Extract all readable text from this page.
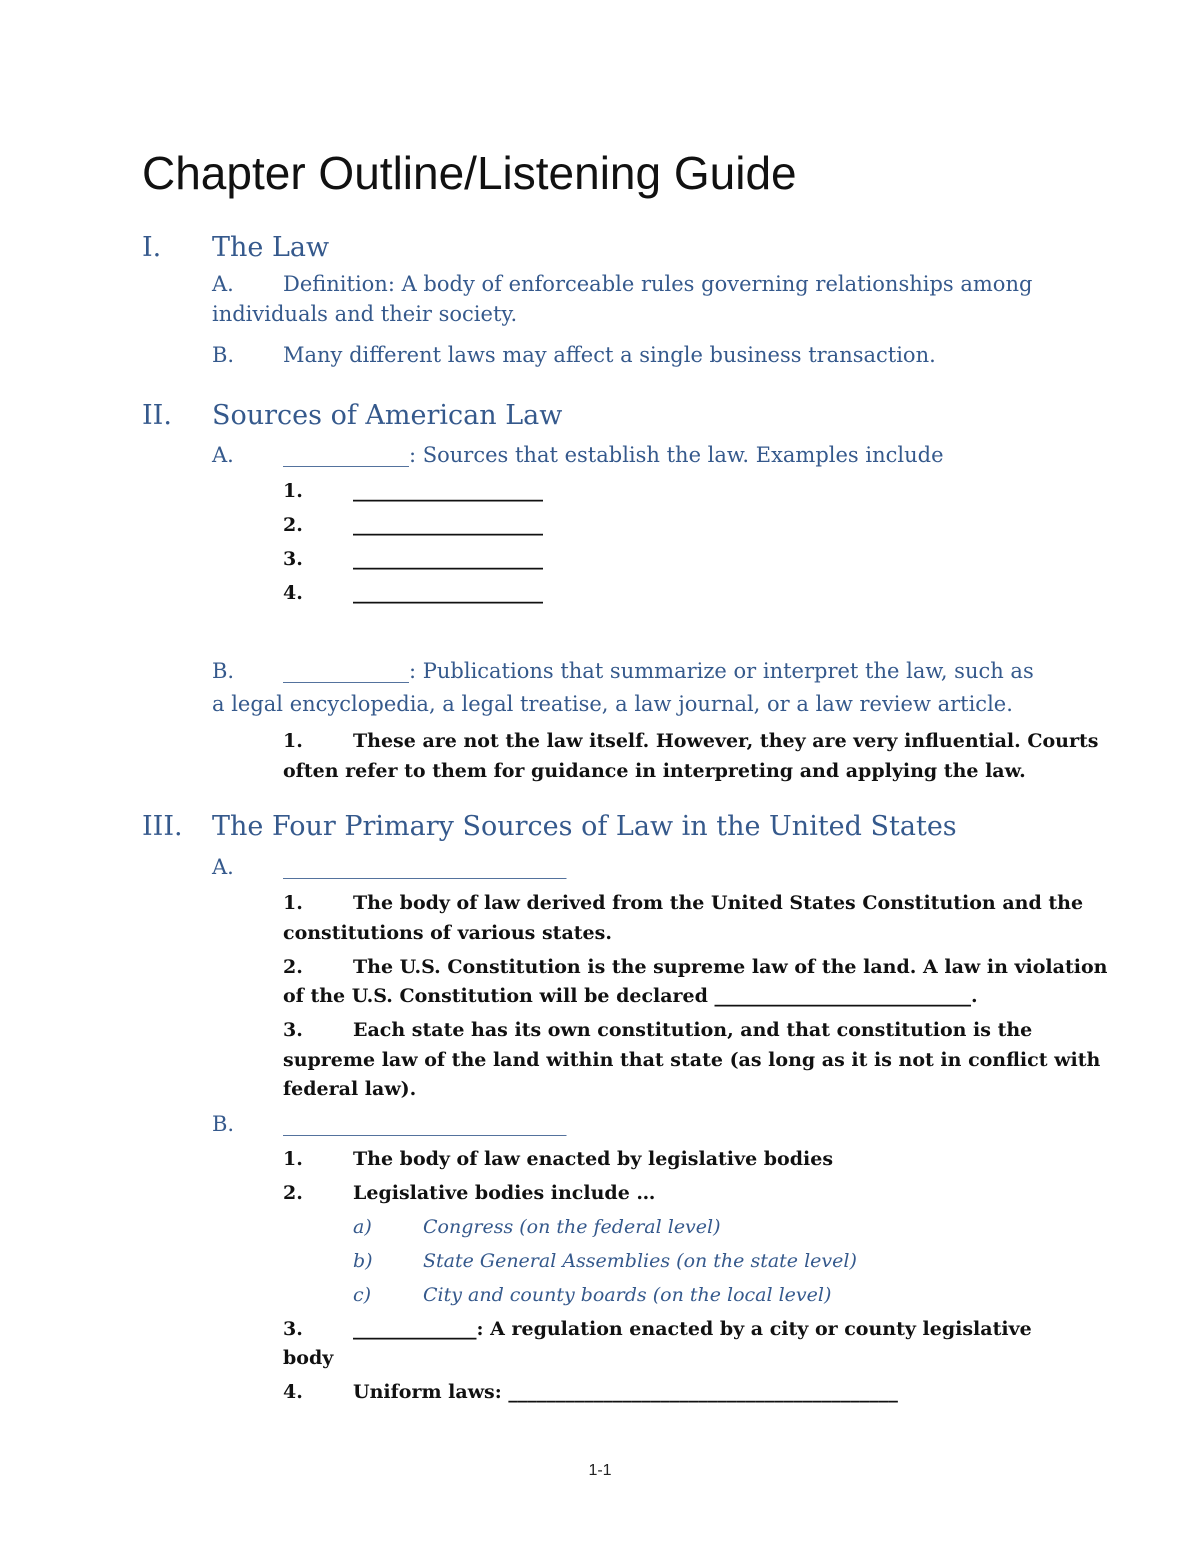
Chapter Outline/Listening Guide
I. The Law
A. Definition: A body of enforceable rules governing relationships among
individuals and their society.
B. Many different laws may affect a single business transaction.
II. Sources of American Law
A. ____________: Sources that establish the law. Examples include
1.	____________________
2.	____________________
3.	____________________
4.	____________________
B. ____________: Publications that summarize or interpret the law, such as
a legal encyclopedia, a legal treatise, a law journal, or a law review article.
1.	These are not the law itself. However, they are very influential. Courts
often refer to them for guidance in interpreting and applying the law.
III. The Four Primary Sources of Law in the United States
A. ___________________________
1.	The body of law derived from the United States Constitution and the
constitutions of various states.
2.	The U.S. Constitution is the supreme law of the land. A law in violation
of the U.S. Constitution will be declared ___________________________.
3.	Each state has its own constitution, and that constitution is the
supreme law of the land within that state (as long as it is not in conflict with
federal law).
B. ___________________________
1.	The body of law enacted by legislative bodies
2.	Legislative bodies include …
a)	Congress (on the federal level)
b)	State General Assemblies (on the state level)
c)	City and county boards (on the local level)
3.	_____________: A regulation enacted by a city or county legislative
body
4.	Uniform laws: _________________________________________
1-1
